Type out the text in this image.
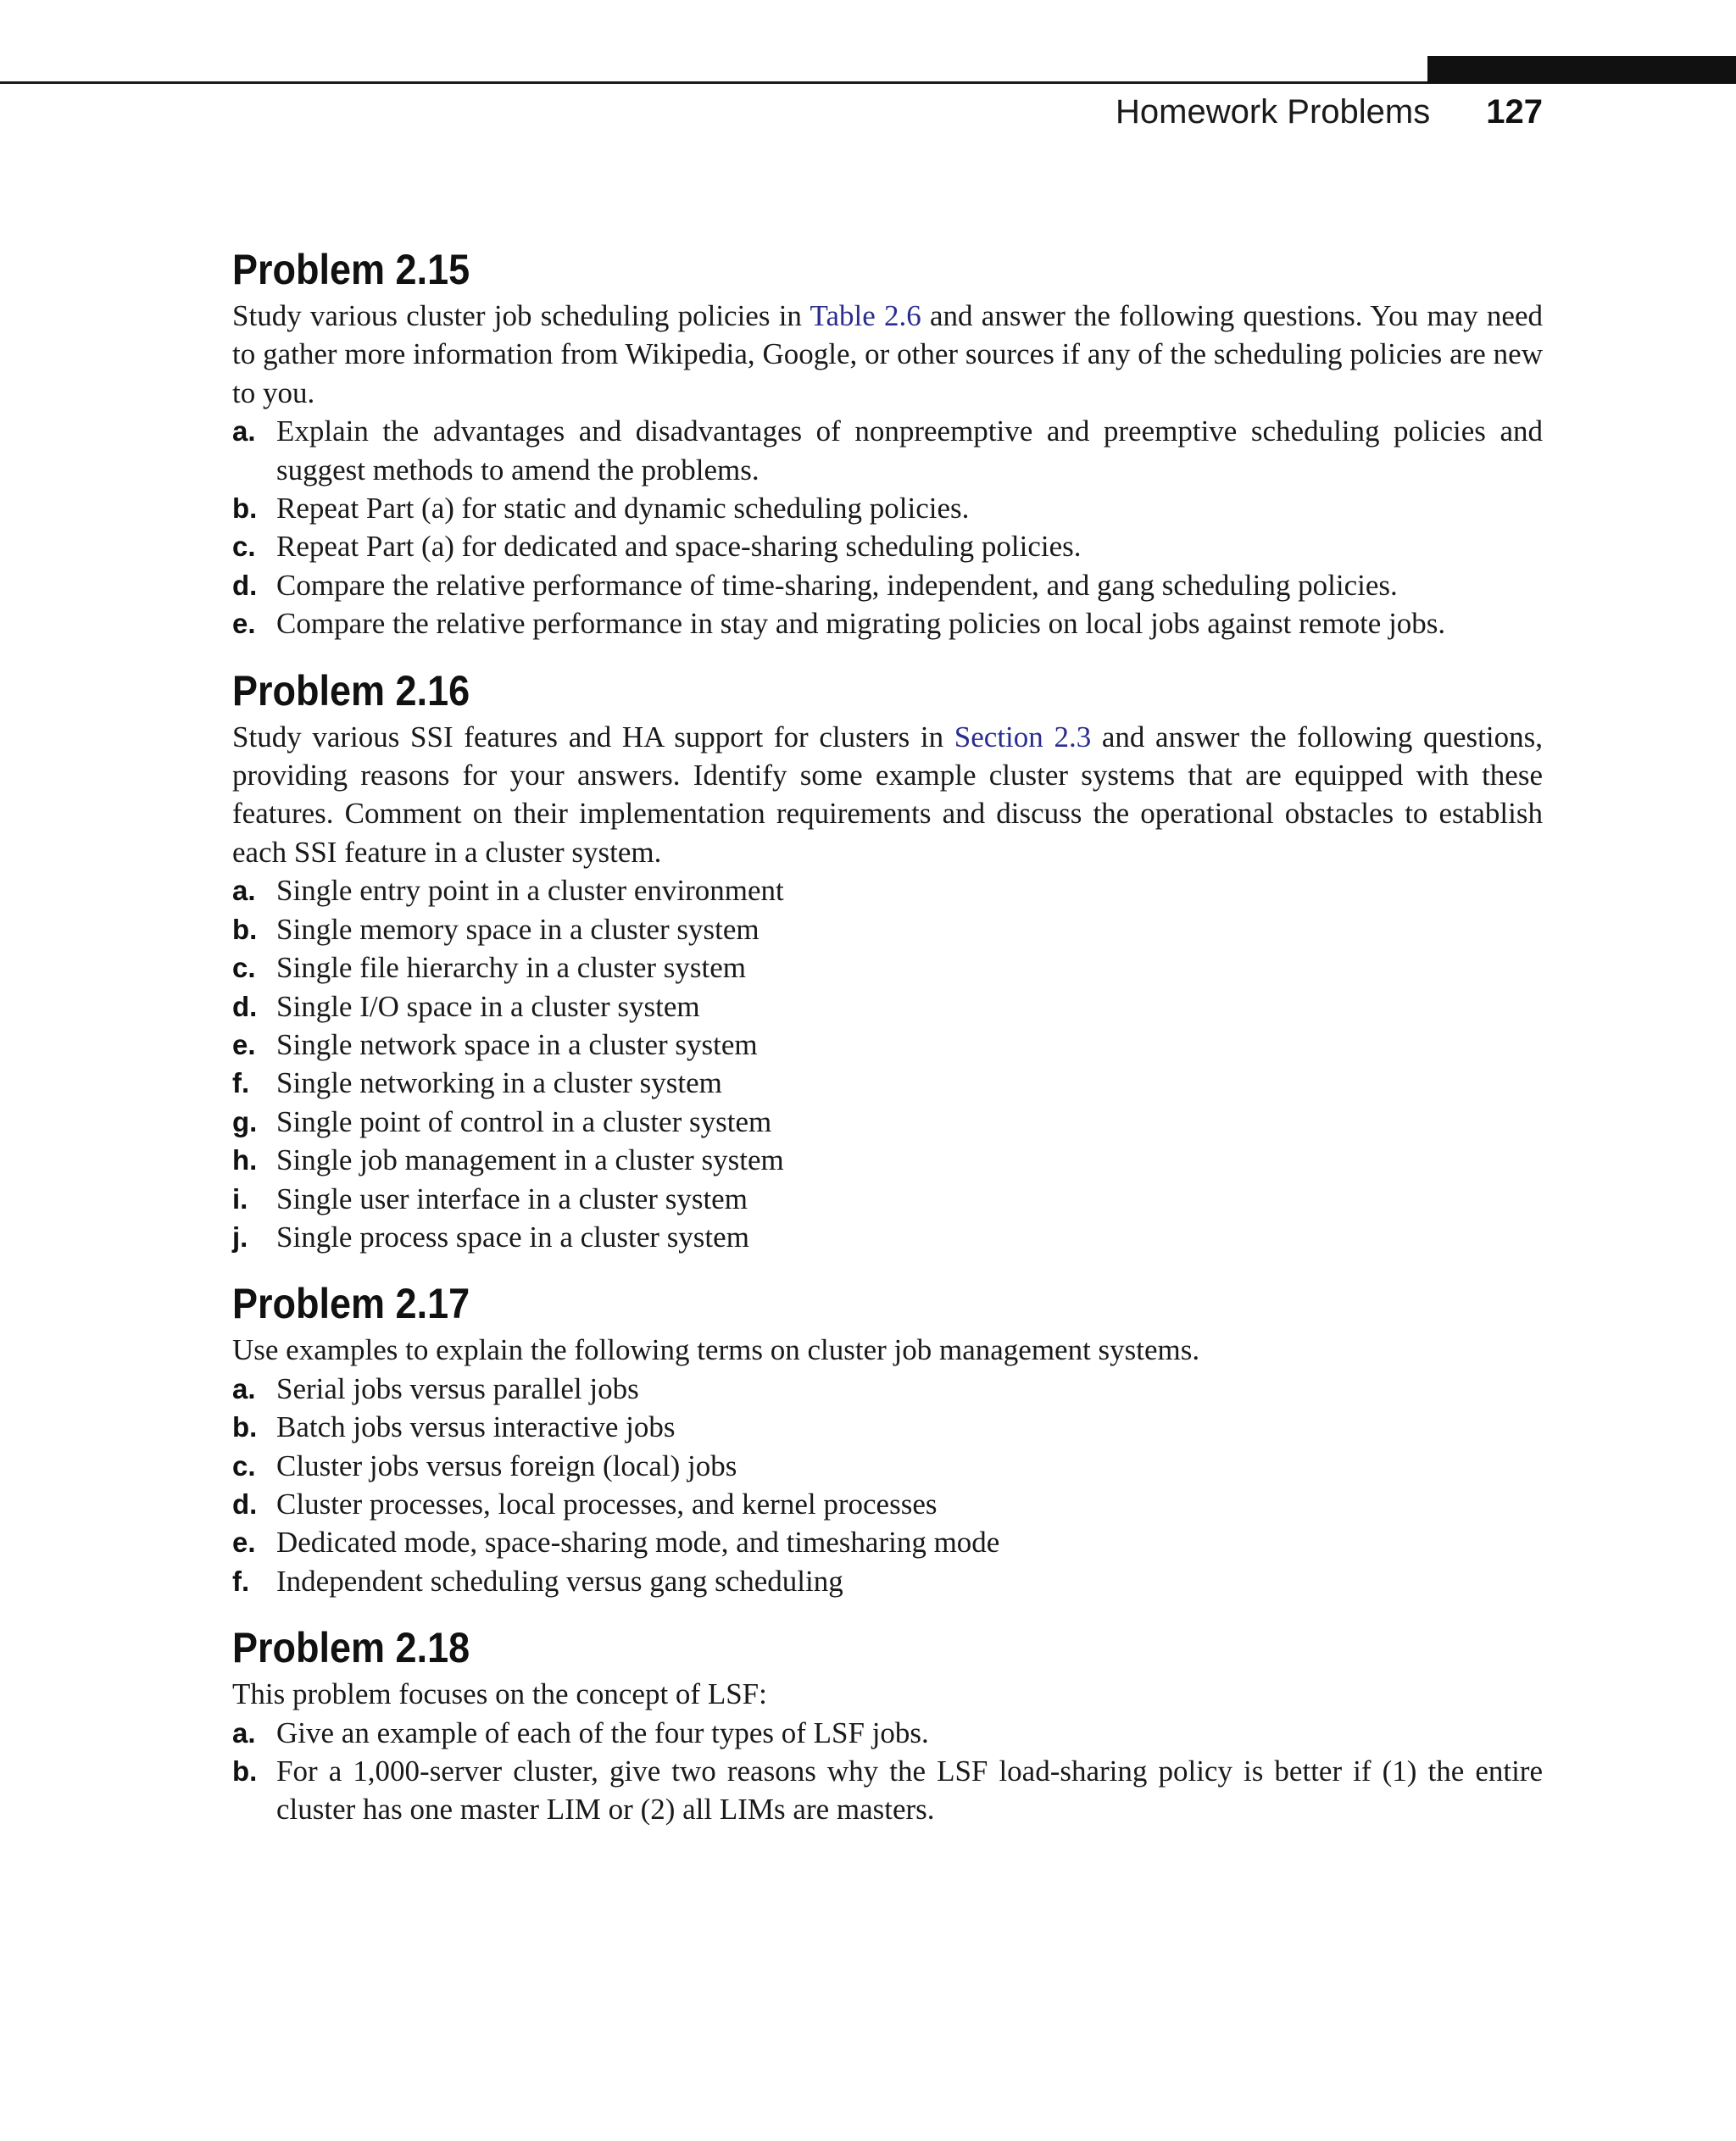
Homework Problems 127
Problem 2.15

Study various cluster job scheduling policies in Table 2.6 and answer the following questions. You may need to gather more information from Wikipedia, Google, or other sources if any of the scheduling policies are new to you.

a. Explain the advantages and disadvantages of nonpreemptive and preemptive scheduling policies and suggest methods to amend the problems.
b. Repeat Part (a) for static and dynamic scheduling policies.
c. Repeat Part (a) for dedicated and space-sharing scheduling policies.
d. Compare the relative performance of time-sharing, independent, and gang scheduling policies.
e. Compare the relative performance in stay and migrating policies on local jobs against remote jobs.
Problem 2.16

Study various SSI features and HA support for clusters in Section 2.3 and answer the following questions, providing reasons for your answers. Identify some example cluster systems that are equipped with these features. Comment on their implementation requirements and discuss the operational obstacles to establish each SSI feature in a cluster system.

a. Single entry point in a cluster environment
b. Single memory space in a cluster system
c. Single file hierarchy in a cluster system
d. Single I/O space in a cluster system
e. Single network space in a cluster system
f. Single networking in a cluster system
g. Single point of control in a cluster system
h. Single job management in a cluster system
i. Single user interface in a cluster system
j. Single process space in a cluster system
Problem 2.17

Use examples to explain the following terms on cluster job management systems.

a. Serial jobs versus parallel jobs
b. Batch jobs versus interactive jobs
c. Cluster jobs versus foreign (local) jobs
d. Cluster processes, local processes, and kernel processes
e. Dedicated mode, space-sharing mode, and timesharing mode
f. Independent scheduling versus gang scheduling
Problem 2.18

This problem focuses on the concept of LSF:

a. Give an example of each of the four types of LSF jobs.
b. For a 1,000-server cluster, give two reasons why the LSF load-sharing policy is better if (1) the entire cluster has one master LIM or (2) all LIMs are masters.
